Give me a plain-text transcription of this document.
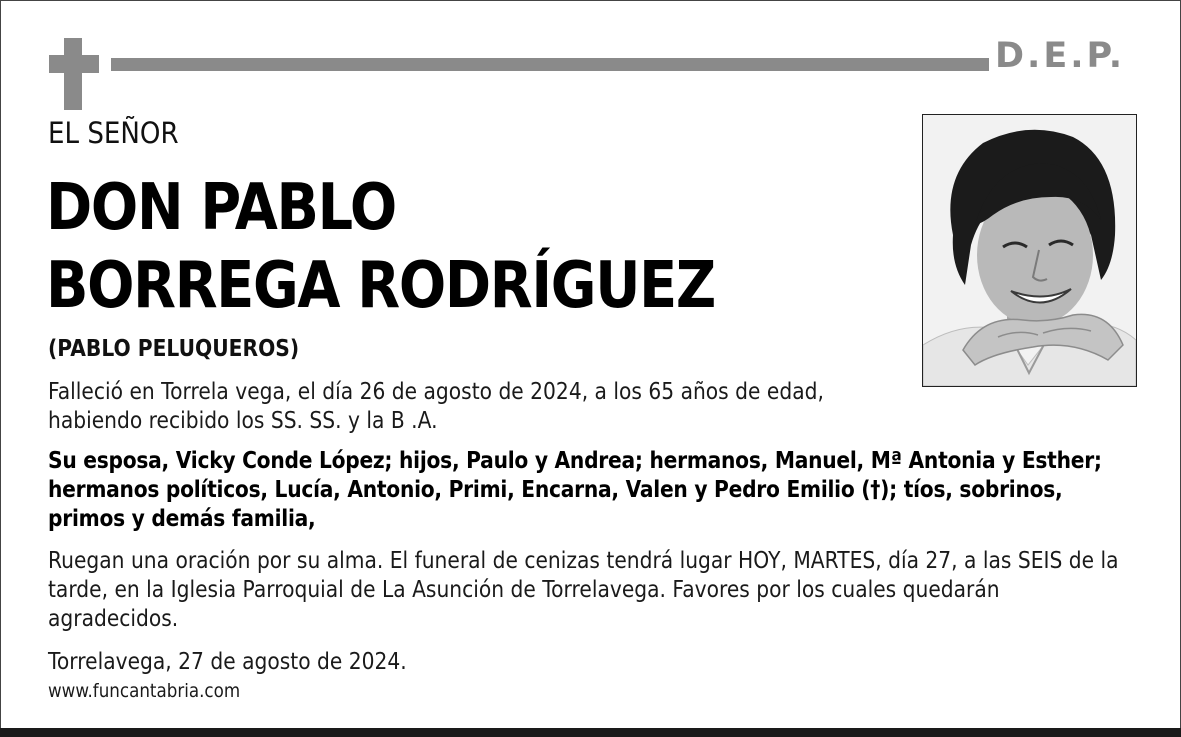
D.E.P.
EL SEÑOR
DON PABLO
BORREGA RODRÍGUEZ
(PABLO PELUQUEROS)
Falleció en Torrela vega, el día 26 de agosto de 2024, a los 65 años de edad, habiendo recibido los SS. SS. y la B .A.
Su esposa, Vicky Conde López; hijos, Paulo y Andrea; hermanos, Manuel, Mª Antonia y Esther; hermanos políticos, Lucía, Antonio, Primi, Encarna, Valen y Pedro Emilio (†); tíos, sobrinos, primos y demás familia,
Ruegan una oración por su alma. El funeral de cenizas tendrá lugar HOY, MARTES, día 27, a las SEIS de la tarde, en la Iglesia Parroquial de La Asunción de Torrelavega. Favores por los cuales quedarán agradecidos.
Torrelavega, 27 de agosto de 2024.
www.funcantabria.com
